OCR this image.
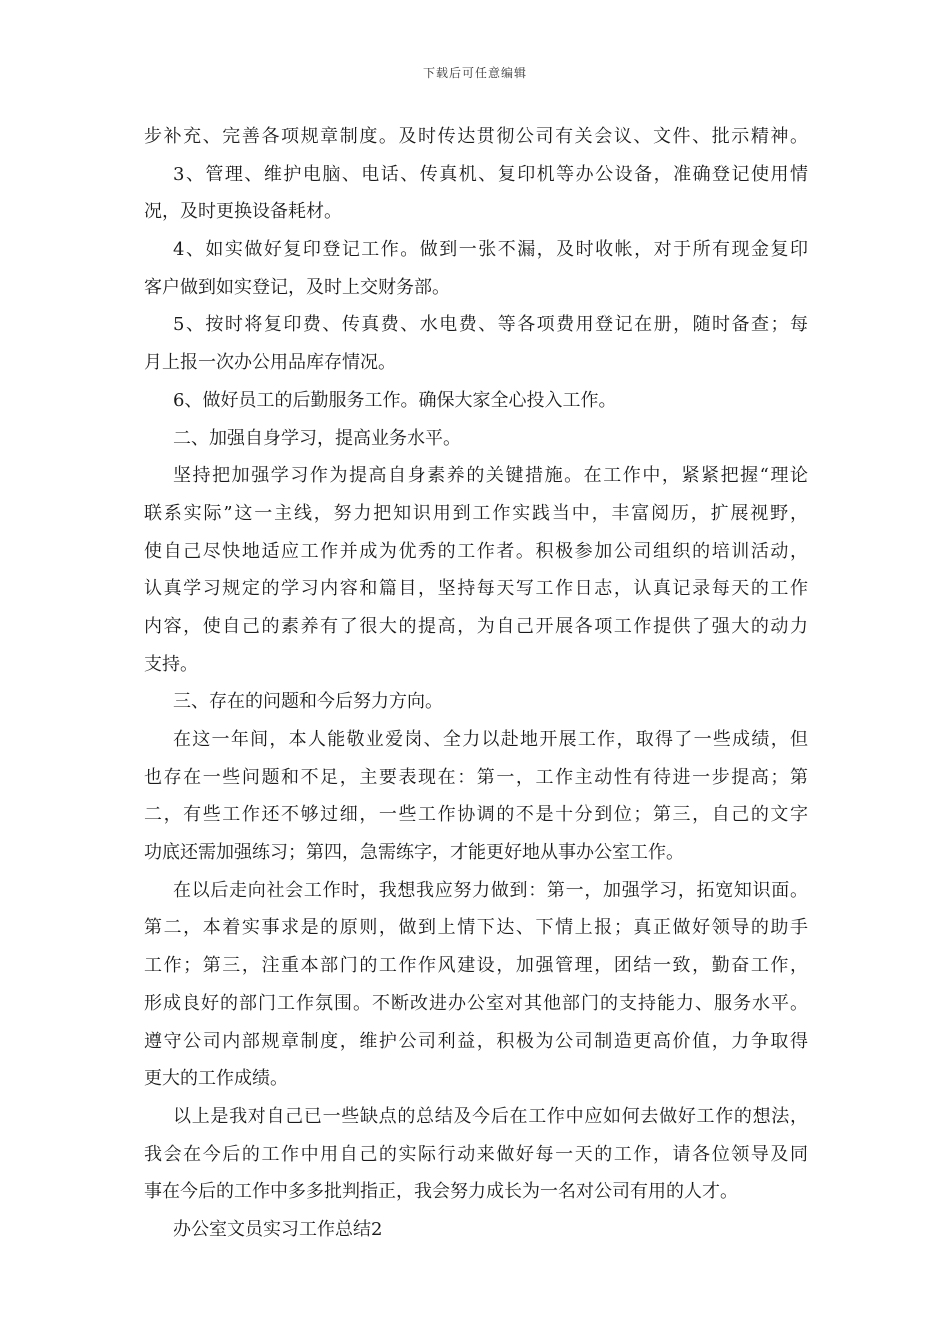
下载后可任意编辑
步补充、完善各项规章制度。及时传达贯彻公司有关会议、文件、批示精神。
3、管理、维护电脑、电话、传真机、复印机等办公设备，准确登记使用情
况，及时更换设备耗材。
4、如实做好复印登记工作。做到一张不漏，及时收帐，对于所有现金复印
客户做到如实登记，及时上交财务部。
5、按时将复印费、传真费、水电费、等各项费用登记在册，随时备查；每
月上报一次办公用品库存情况。
6、做好员工的后勤服务工作。确保大家全心投入工作。
二、加强自身学习，提高业务水平。
坚持把加强学习作为提高自身素养的关键措施。在工作中，紧紧把握“理论
联系实际”这一主线，努力把知识用到工作实践当中，丰富阅历，扩展视野，
使自己尽快地适应工作并成为优秀的工作者。积极参加公司组织的培训活动，
认真学习规定的学习内容和篇目，坚持每天写工作日志，认真记录每天的工作
内容，使自己的素养有了很大的提高，为自己开展各项工作提供了强大的动力
支持。
三、存在的问题和今后努力方向。
在这一年间，本人能敬业爱岗、全力以赴地开展工作，取得了一些成绩，但
也存在一些问题和不足，主要表现在：第一，工作主动性有待进一步提高；第
二，有些工作还不够过细，一些工作协调的不是十分到位；第三，自己的文字
功底还需加强练习；第四，急需练字，才能更好地从事办公室工作。
在以后走向社会工作时，我想我应努力做到：第一，加强学习，拓宽知识面。
第二，本着实事求是的原则，做到上情下达、下情上报；真正做好领导的助手
工作；第三，注重本部门的工作作风建设，加强管理，团结一致，勤奋工作，
形成良好的部门工作氛围。不断改进办公室对其他部门的支持能力、服务水平。
遵守公司内部规章制度，维护公司利益，积极为公司制造更高价值，力争取得
更大的工作成绩。
以上是我对自己已一些缺点的总结及今后在工作中应如何去做好工作的想法，
我会在今后的工作中用自己的实际行动来做好每一天的工作，请各位领导及同
事在今后的工作中多多批判指正，我会努力成长为一名对公司有用的人才。
办公室文员实习工作总结2
